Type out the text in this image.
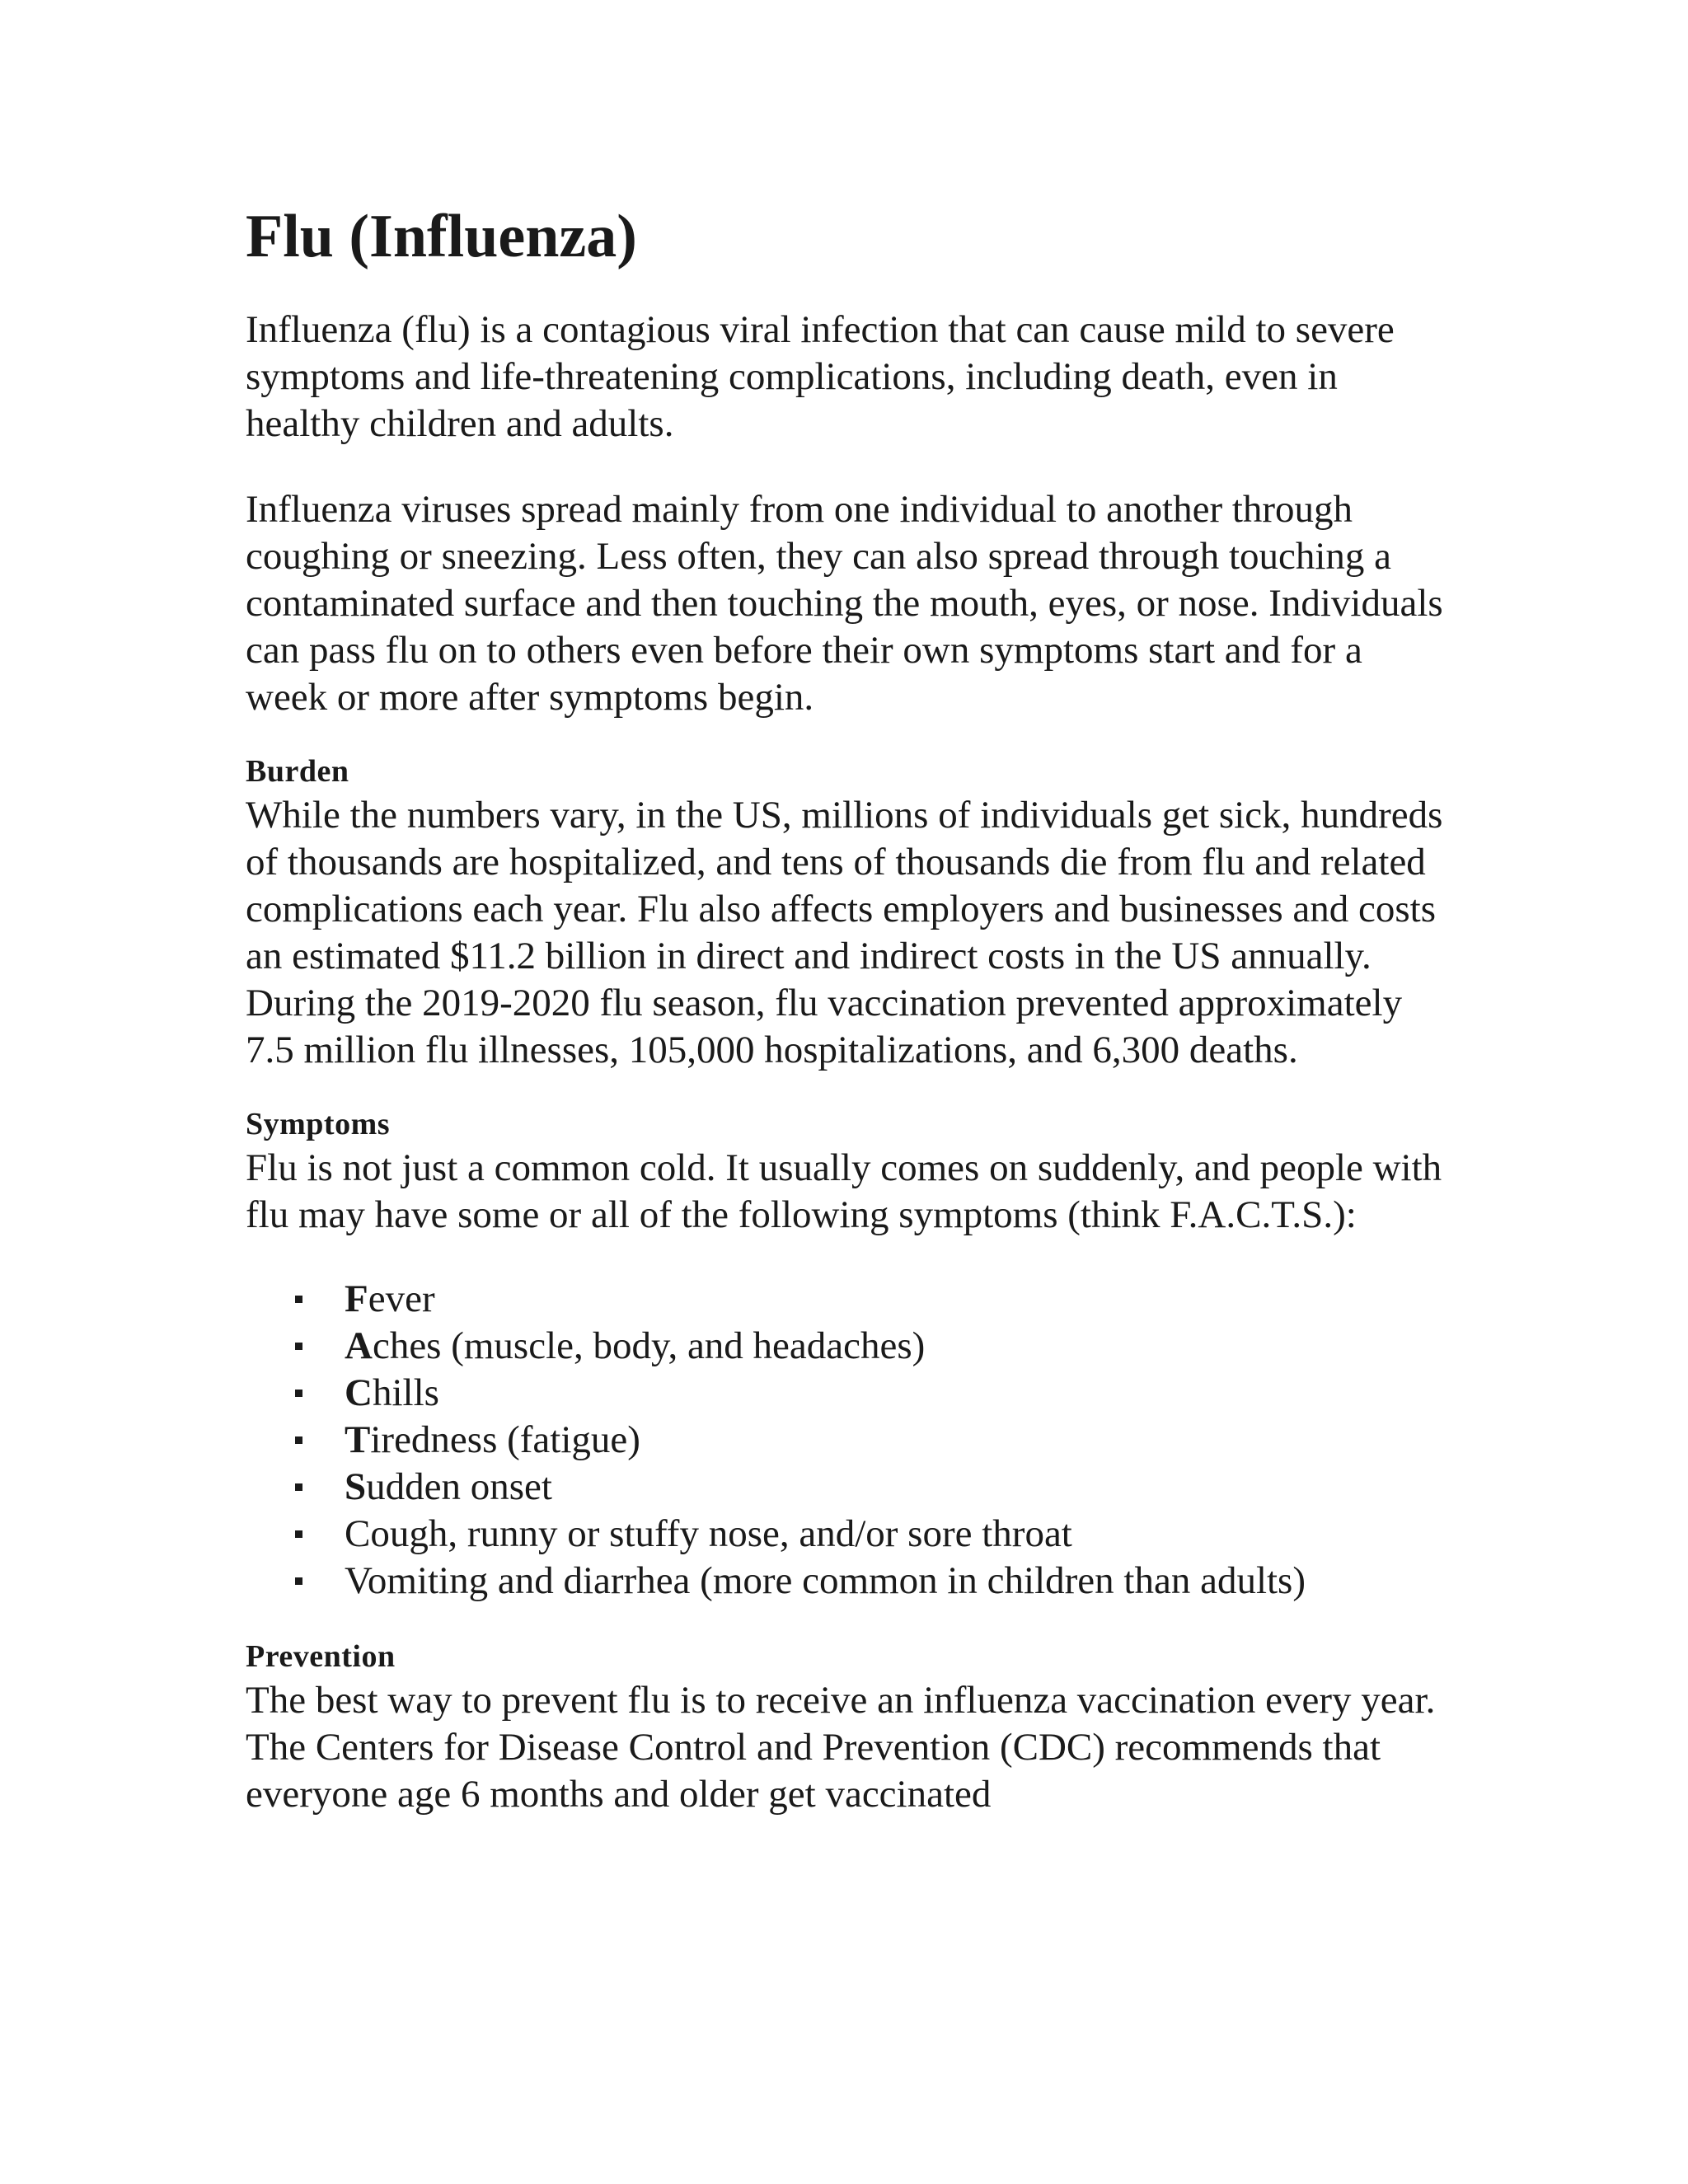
Flu (Influenza)

Influenza (flu) is a contagious viral infection that can cause mild to severe symptoms and life-threatening complications, including death, even in healthy children and adults.

Influenza viruses spread mainly from one individual to another through coughing or sneezing. Less often, they can also spread through touching a contaminated surface and then touching the mouth, eyes, or nose. Individuals can pass flu on to others even before their own symptoms start and for a week or more after symptoms begin.

Burden

While the numbers vary, in the US, millions of individuals get sick, hundreds of thousands are hospitalized, and tens of thousands die from flu and related complications each year. Flu also affects employers and businesses and costs an estimated $11.2 billion in direct and indirect costs in the US annually. During the 2019-2020 flu season, flu vaccination prevented approximately 7.5 million flu illnesses, 105,000 hospitalizations, and 6,300 deaths.

Symptoms

Flu is not just a common cold. It usually comes on suddenly, and people with flu may have some or all of the following symptoms (think F.A.C.T.S.):

Fever
Aches (muscle, body, and headaches)
Chills
Tiredness (fatigue)
Sudden onset
Cough, runny or stuffy nose, and/or sore throat
Vomiting and diarrhea (more common in children than adults)
Prevention

The best way to prevent flu is to receive an influenza vaccination every year. The Centers for Disease Control and Prevention (CDC) recommends that everyone age 6 months and older get vaccinated
